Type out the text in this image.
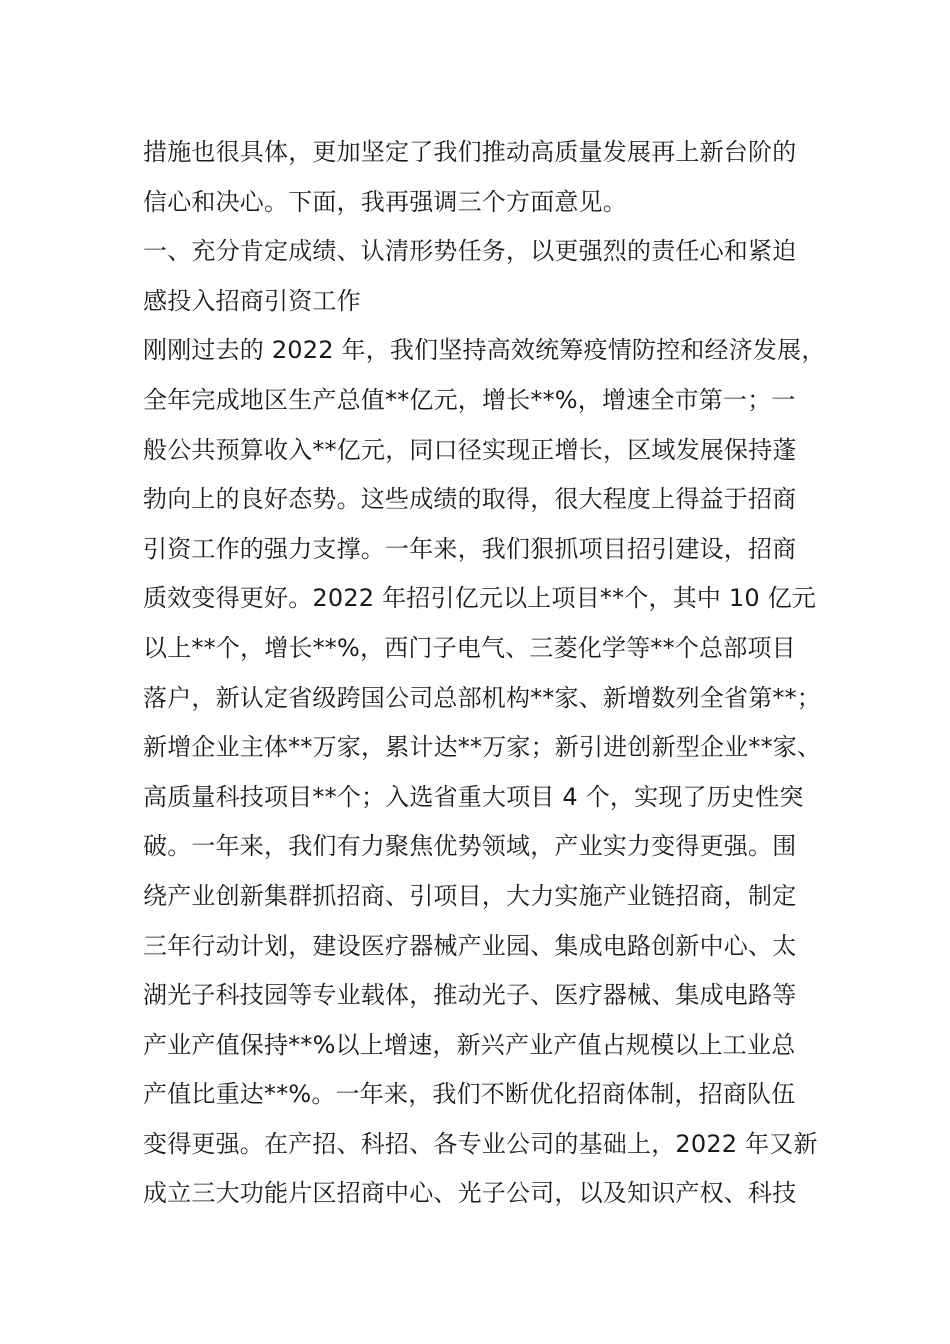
措施也很具体，更加坚定了我们推动高质量发展再上新台阶的
信心和决心。下面，我再强调三个方面意见。
一、充分肯定成绩、认清形势任务，以更强烈的责任心和紧迫
感投入招商引资工作
刚刚过去的 2022 年，我们坚持高效统筹疫情防控和经济发展，
全年完成地区生产总值**亿元，增长**%，增速全市第一；一
般公共预算收入**亿元，同口径实现正增长，区域发展保持蓬
勃向上的良好态势。这些成绩的取得，很大程度上得益于招商
引资工作的强力支撑。一年来，我们狠抓项目招引建设，招商
质效变得更好。2022 年招引亿元以上项目**个，其中 10 亿元
以上**个，增长**%，西门子电气、三菱化学等**个总部项目
落户，新认定省级跨国公司总部机构**家、新增数列全省第**；
新增企业主体**万家，累计达**万家；新引进创新型企业**家、
高质量科技项目**个；入选省重大项目 4 个，实现了历史性突
破。一年来，我们有力聚焦优势领域，产业实力变得更强。围
绕产业创新集群抓招商、引项目，大力实施产业链招商，制定
三年行动计划，建设医疗器械产业园、集成电路创新中心、太
湖光子科技园等专业载体，推动光子、医疗器械、集成电路等
产业产值保持**%以上增速，新兴产业产值占规模以上工业总
产值比重达**%。一年来，我们不断优化招商体制，招商队伍
变得更强。在产招、科招、各专业公司的基础上，2022 年又新
成立三大功能片区招商中心、光子公司，以及知识产权、科技
